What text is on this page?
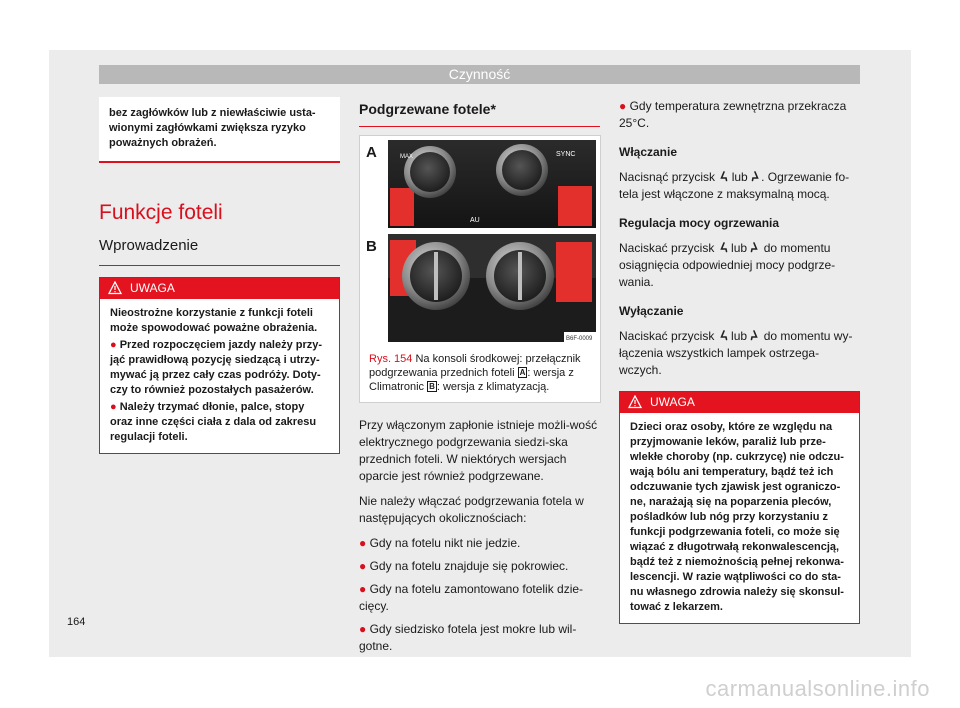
Czynność
bez zagłówków lub z niewłaściwie usta-wionymi zagłówkami zwiększa ryzyko poważnych obrażeń.
Funkcje foteli
Wprowadzenie
UWAGA

Nieostrożne korzystanie z funkcji foteli może spowodować poważne obrażenia.

● Przed rozpoczęciem jazdy należy przy-jąć prawidłową pozycję siedzącą i utrzy-mywać ją przez cały czas podróży. Doty-czy to również pozostałych pasażerów.

● Należy trzymać dłonie, palce, stopy oraz inne części ciała z dala od zakresu regulacji foteli.

Podgrzewane fotele*
MAX	SYNC
AU
A
B
B6F-0009
Rys. 154 Na konsoli środkowej: przełącznik podgrzewania przednich foteli A : wersja z Climatronic B : wersja z klimatyzacją.

Przy włączonym zapłonie istnieje możli-wość elektrycznego podgrzewania siedzi-ska przednich foteli. W niektórych wersjach oparcie jest również podgrzewane.

Nie należy włączać podgrzewania fotela w następujących okolicznościach:

● Gdy na fotelu nikt nie jedzie.

● Gdy na fotelu znajduje się pokrowiec.

● Gdy na fotelu zamontowano fotelik dzie-cięcy.

● Gdy siedzisko fotela jest mokre lub wil-gotne.

● Gdy temperatura zewnętrzna przekracza 25°C.

Włączanie

Nacisnąć przycisk lub . Ogrzewanie fo-tela jest włączone z maksymalną mocą.

Regulacja mocy ogrzewania

Naciskać przycisk lub do momentu osiągnięcia odpowiedniej mocy podgrze-wania.

Wyłączanie

Naciskać przycisk lub do momentu wy-łączenia wszystkich lampek ostrzega-wczych.

UWAGA

Dzieci oraz osoby, które ze względu na przyjmowanie leków, paraliż lub prze-wlekłe choroby (np. cukrzycę) nie odczu-wają bólu ani temperatury, bądź też ich odczuwanie tych zjawisk jest ograniczo-ne, narażają się na poparzenia pleców, pośladków lub nóg przy korzystaniu z funkcji podgrzewania foteli, co może się wiązać z długotrwałą rekonwalescencją, bądź też z niemożnością pełnej rekonwa-lescencji. W razie wątpliwości co do sta-nu własnego zdrowia należy się skonsul-tować z lekarzem.

164
carmanualsonline.info
